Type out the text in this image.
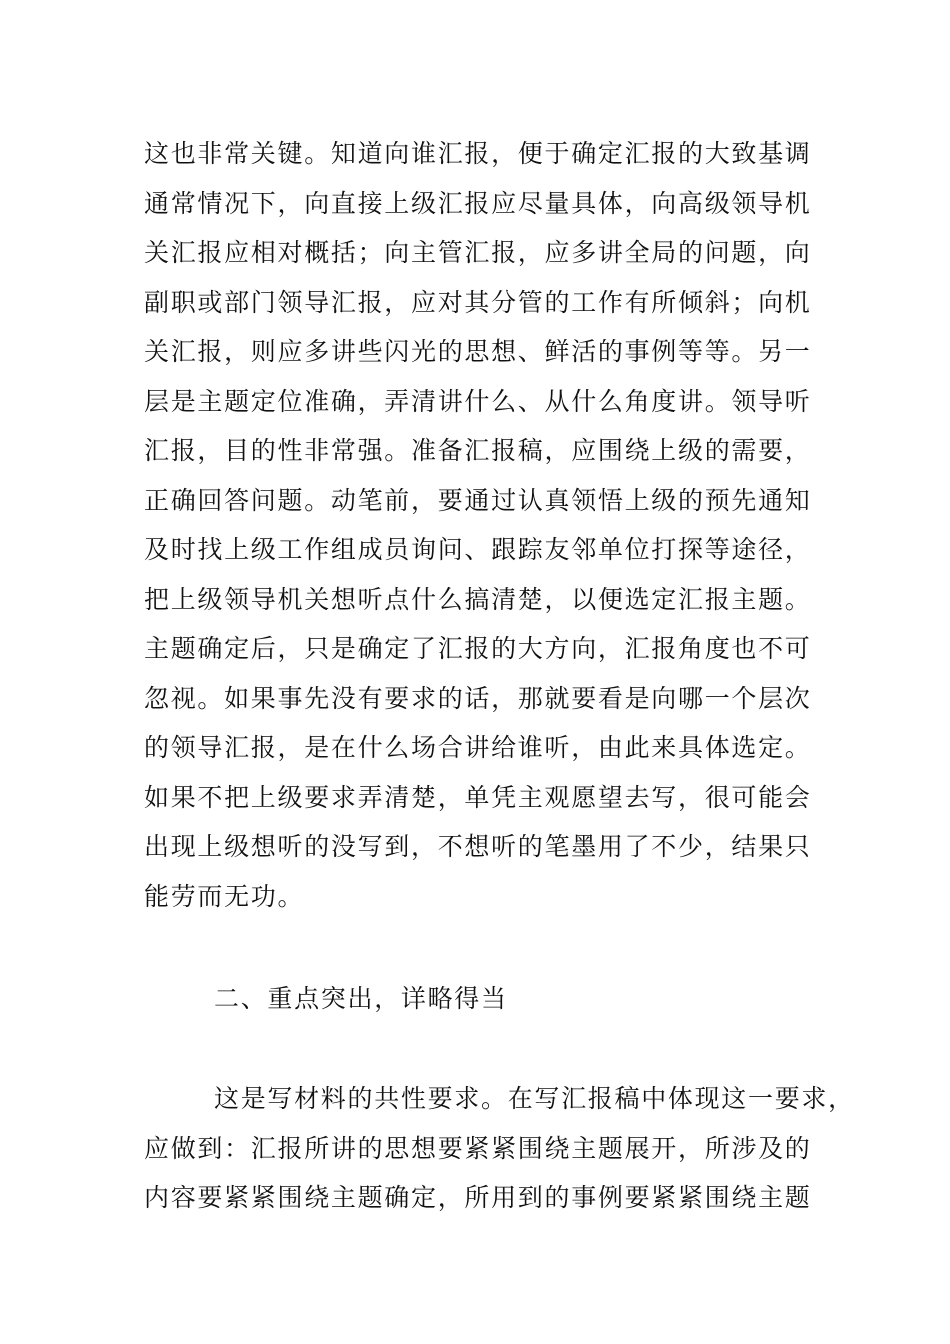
这也非常关键。知道向谁汇报，便于确定汇报的大致基调
通常情况下，向直接上级汇报应尽量具体，向高级领导机
关汇报应相对概括；向主管汇报，应多讲全局的问题，向
副职或部门领导汇报，应对其分管的工作有所倾斜；向机
关汇报，则应多讲些闪光的思想、鲜活的事例等等。另一
层是主题定位准确，弄清讲什么、从什么角度讲。领导听
汇报，目的性非常强。准备汇报稿，应围绕上级的需要，
正确回答问题。动笔前，要通过认真领悟上级的预先通知
及时找上级工作组成员询问、跟踪友邻单位打探等途径，
把上级领导机关想听点什么搞清楚，以便选定汇报主题。
主题确定后，只是确定了汇报的大方向，汇报角度也不可
忽视。如果事先没有要求的话，那就要看是向哪一个层次
的领导汇报，是在什么场合讲给谁听，由此来具体选定。
如果不把上级要求弄清楚，单凭主观愿望去写，很可能会
出现上级想听的没写到，不想听的笔墨用了不少，结果只
能劳而无功。
二、重点突出，详略得当
这是写材料的共性要求。在写汇报稿中体现这一要求，
应做到：汇报所讲的思想要紧紧围绕主题展开，所涉及的
内容要紧紧围绕主题确定，所用到的事例要紧紧围绕主题
